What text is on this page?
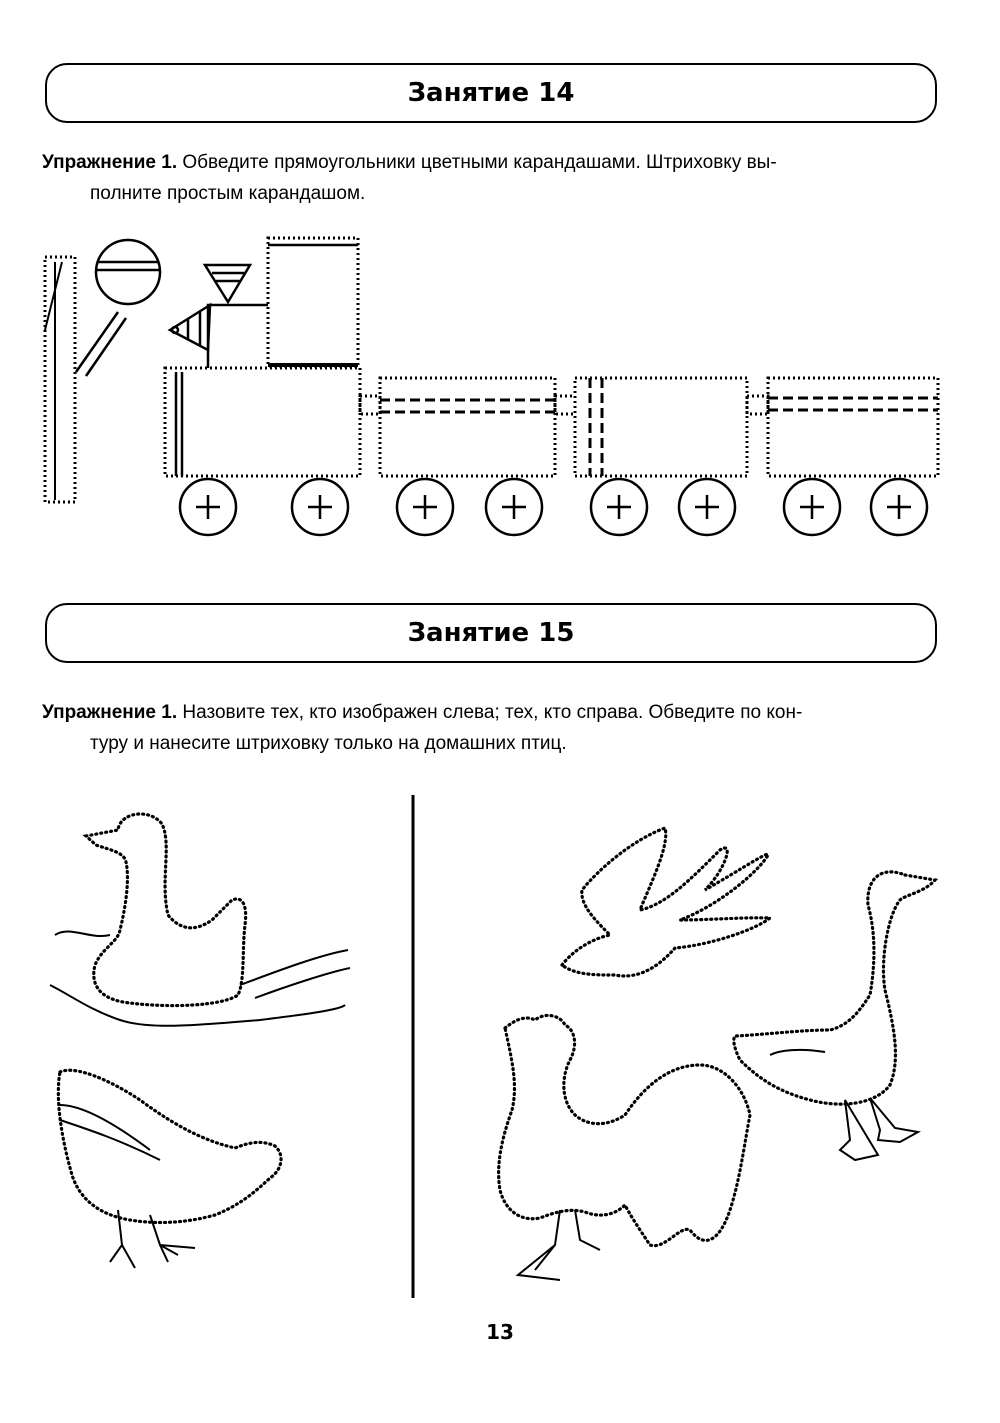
Занятие 14
Упражнение 1. Обведите прямоугольники цветными карандашами. Штриховку вы-
полните простым карандашом.
Занятие 15
Упражнение 1. Назовите тех, кто изображен слева; тех, кто справа. Обведите по кон-
туру и нанесите штриховку только на домашних птиц.
13
